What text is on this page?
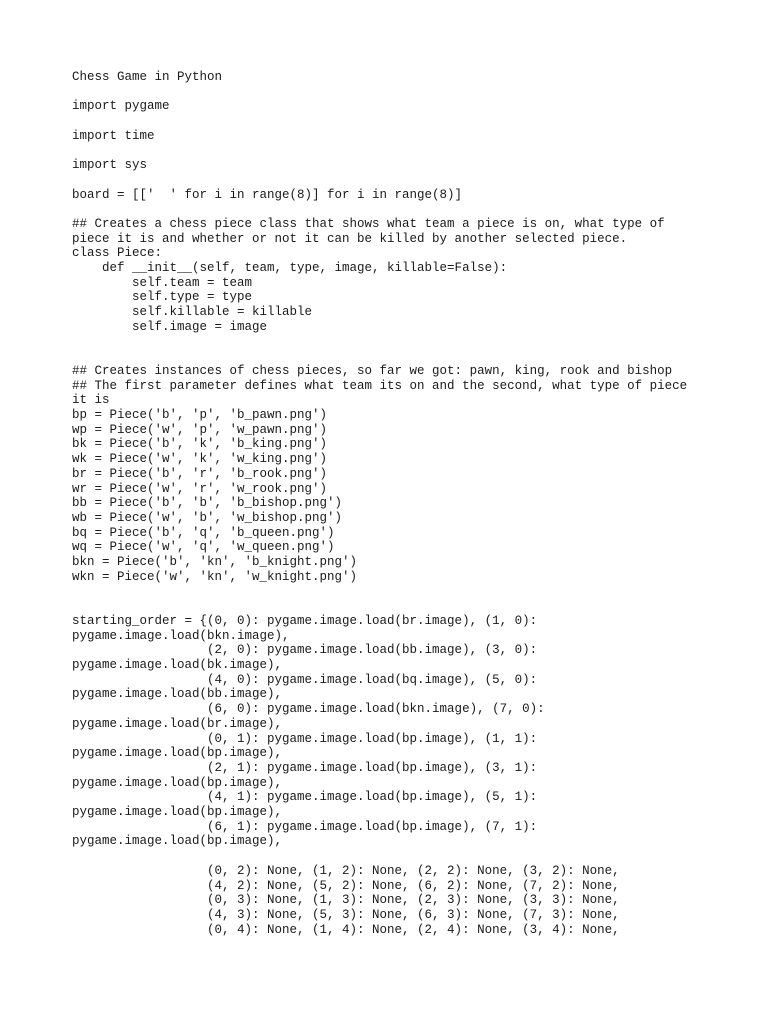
Chess Game in Python
import pygame
import time
import sys
board = [['  ' for i in range(8)] for i in range(8)]
## Creates a chess piece class that shows what team a piece is on, what type of
piece it is and whether or not it can be killed by another selected piece.
class Piece:
def __init__(self, team, type, image, killable=False):
self.team = team
self.type = type
self.killable = killable
self.image = image
## Creates instances of chess pieces, so far we got: pawn, king, rook and bishop
## The first parameter defines what team its on and the second, what type of piece
it is
bp = Piece('b', 'p', 'b_pawn.png')
wp = Piece('w', 'p', 'w_pawn.png')
bk = Piece('b', 'k', 'b_king.png')
wk = Piece('w', 'k', 'w_king.png')
br = Piece('b', 'r', 'b_rook.png')
wr = Piece('w', 'r', 'w_rook.png')
bb = Piece('b', 'b', 'b_bishop.png')
wb = Piece('w', 'b', 'w_bishop.png')
bq = Piece('b', 'q', 'b_queen.png')
wq = Piece('w', 'q', 'w_queen.png')
bkn = Piece('b', 'kn', 'b_knight.png')
wkn = Piece('w', 'kn', 'w_knight.png')
starting_order = {(0, 0): pygame.image.load(br.image), (1, 0):
pygame.image.load(bkn.image),
(2, 0): pygame.image.load(bb.image), (3, 0):
pygame.image.load(bk.image),
(4, 0): pygame.image.load(bq.image), (5, 0):
pygame.image.load(bb.image),
(6, 0): pygame.image.load(bkn.image), (7, 0):
pygame.image.load(br.image),
(0, 1): pygame.image.load(bp.image), (1, 1):
pygame.image.load(bp.image),
(2, 1): pygame.image.load(bp.image), (3, 1):
pygame.image.load(bp.image),
(4, 1): pygame.image.load(bp.image), (5, 1):
pygame.image.load(bp.image),
(6, 1): pygame.image.load(bp.image), (7, 1):
pygame.image.load(bp.image),
(0, 2): None, (1, 2): None, (2, 2): None, (3, 2): None,
(4, 2): None, (5, 2): None, (6, 2): None, (7, 2): None,
(0, 3): None, (1, 3): None, (2, 3): None, (3, 3): None,
(4, 3): None, (5, 3): None, (6, 3): None, (7, 3): None,
(0, 4): None, (1, 4): None, (2, 4): None, (3, 4): None,
